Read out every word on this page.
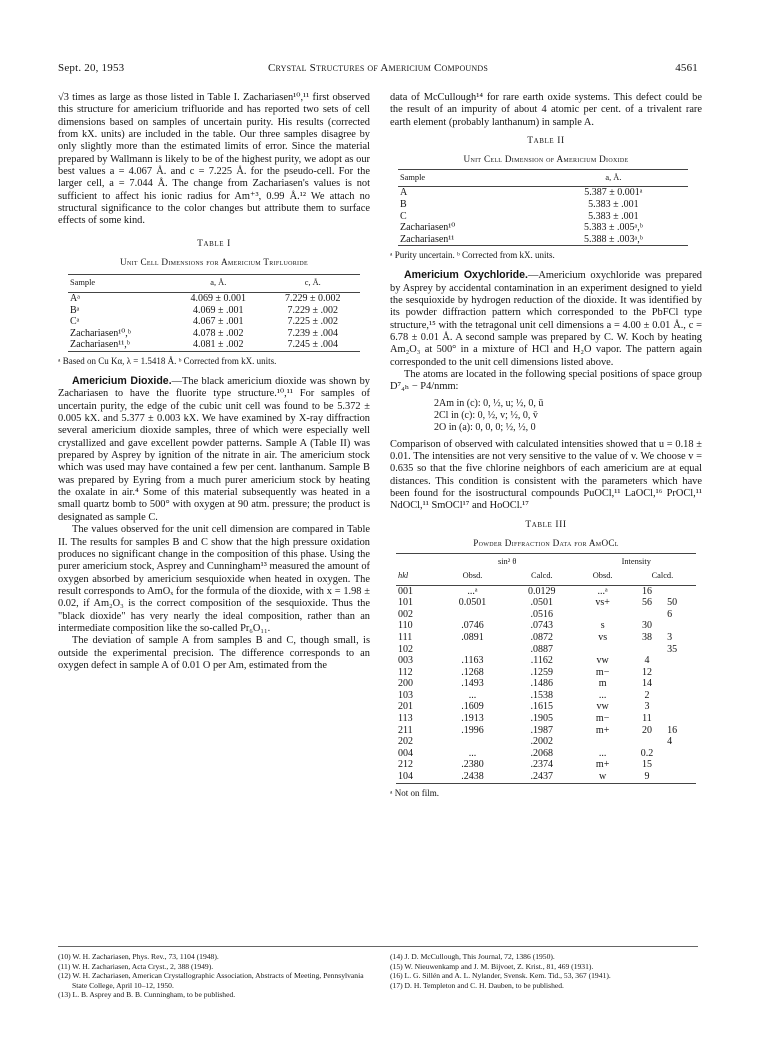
Sept. 20, 1953	Crystal Structures of Americium Compounds	4561

√3 times as large as those listed in Table I. Zachariasen¹⁰,¹¹ first observed this structure for americium trifluoride and has reported two sets of cell dimensions based on samples of uncertain purity. His results (corrected from kX. units) are included in the table. Our three samples disagree by only slightly more than the estimated limits of error. Since the material prepared by Wallmann is likely to be of the highest purity, we adopt as our best values a = 4.067 Å. and c = 7.225 Å. for the pseudo-cell. For the larger cell, a = 7.044 Å. The change from Zachariasen's values is not sufficient to affect his ionic radius for Am⁺³, 0.99 Å.¹² We attach no structural significance to the color changes but attribute them to surface effects of some kind.

Table I
Unit Cell Dimensions for Americium Trifluoride
Sample	a, Å.	c, Å.
Aᵃ	4.069 ± 0.001	7.229 ± 0.002
Bᵃ	4.069 ± .001	7.229 ± .002
Cᵃ	4.067 ± .001	7.225 ± .002
Zachariasen¹⁰,ᵇ	4.078 ± .002	7.239 ± .004
Zachariasen¹¹,ᵇ	4.081 ± .002	7.245 ± .004
ᵃ Based on Cu Kα, λ = 1.5418 Å. ᵇ Corrected from kX. units.

Americium Dioxide.—The black americium dioxide was shown by Zachariasen to have the fluorite type structure.¹⁰,¹¹ For samples of uncertain purity, the edge of the cubic unit cell was found to be 5.372 ± 0.005 kX. and 5.377 ± 0.003 kX. We have examined by X-ray diffraction several americium dioxide samples, three of which were especially well crystallized and gave excellent powder patterns. Sample A (Table II) was prepared by Asprey by ignition of the nitrate in air. The americium stock which was used may have contained a few per cent. lanthanum. Sample B was prepared by Eyring from a much purer americium stock by heating the oxalate in air.⁴ Some of this material subsequently was heated in a small quartz bomb to 500° with oxygen at 90 atm. pressure; the product is designated as sample C.

The values observed for the unit cell dimension are compared in Table II. The results for samples B and C show that the high pressure oxidation produces no significant change in the composition of this phase. Using the purer americium stock, Asprey and Cunningham¹³ measured the amount of oxygen absorbed by americium sesquioxide when heated in oxygen. The result corresponds to AmOₓ for the formula of the dioxide, with x = 1.98 ± 0.02, if Am₂O₃ is the correct composition of the sesquioxide. Thus the "black dioxide" has very nearly the ideal composition, rather than an intermediate composition like the so-called Pr₆O₁₁.

The deviation of sample A from samples B and C, though small, is outside the experimental precision. The difference corresponds to an oxygen defect in sample A of 0.01 O per Am, estimated from the

data of McCullough¹⁴ for rare earth oxide systems. This defect could be the result of an impurity of about 4 atomic per cent. of a trivalent rare earth element (probably lanthanum) in sample A.

Table II
Unit Cell Dimension of Americium Dioxide
Sample	a, Å.
A	5.387 ± 0.001ᵃ
B	5.383 ± .001
C	5.383 ± .001
Zachariasen¹⁰	5.383 ± .005ᵃ,ᵇ
Zachariasen¹¹	5.388 ± .003ᵃ,ᵇ
ᵃ Purity uncertain. ᵇ Corrected from kX. units.

Americium Oxychloride.—Americium oxychloride was prepared by Asprey by accidental contamination in an experiment designed to yield the sesquioxide by hydrogen reduction of the dioxide. It was identified by its powder diffraction pattern which corresponded to the PbFCl type structure,¹⁵ with the tetragonal unit cell dimensions a = 4.00 ± 0.01 Å., c = 6.78 ± 0.01 Å. A second sample was prepared by C. W. Koch by heating Am₂O₃ at 500° in a mixture of HCl and H₂O vapor. The pattern again corresponded to the unit cell dimensions listed above.

The atoms are located in the following special positions of space group D⁷₄ₕ − P4/nmm:

2Am in (c): 0, ½, u; ½, 0, ū
2Cl in (c): 0, ½, v; ½, 0, v̄
2O in (a): 0, 0, 0; ½, ½, 0

Comparison of observed with calculated intensities showed that u = 0.18 ± 0.01. The intensities are not very sensitive to the value of v. We choose v = 0.635 so that the five chlorine neighbors of each americium are at equal distances. This condition is consistent with the parameters which have been found for the isostructural compounds PuOCl,¹¹ LaOCl,¹⁶ PrOCl,¹¹ NdOCl,¹¹ SmOCl¹⁷ and HoOCl.¹⁷

Table III
Powder Diffraction Data for AmOCl
	sin² θ		Intensity		
hkl	Obsd.	Calcd.	Obsd.	Calcd.	
001	...ᵃ	0.0129	...ᵃ	16	
101	0.0501	.0501	vs+	56	50
002		.0516			6
110	.0746	.0743	s	30	
111	.0891	.0872	vs	38	3
102		.0887			35
003	.1163	.1162	vw	4	
112	.1268	.1259	m−	12	
200	.1493	.1486	m	14	
103	...	.1538	...	2	
201	.1609	.1615	vw	3	
113	.1913	.1905	m−	11	
211	.1996	.1987	m+	20	16
202		.2002			4
004	...	.2068	...	0.2	
212	.2380	.2374	m+	15	
104	.2438	.2437	w	9	
ᵃ Not on film.
(10) W. H. Zachariasen, Phys. Rev., 73, 1104 (1948).
(11) W. H. Zachariasen, Acta Cryst., 2, 388 (1949).
(12) W. H. Zachariasen, American Crystallographic Association, Abstracts of Meeting, Pennsylvania State College, April 10–12, 1950.
(13) L. B. Asprey and B. B. Cunningham, to be published.
(14) J. D. McCullough, This Journal, 72, 1386 (1950).
(15) W. Nieuwenkamp and J. M. Bijvoet, Z. Krist., 81, 469 (1931).
(16) L. G. Sillén and A. L. Nylander, Svensk. Kem. Tid., 53, 367 (1941).
(17) D. H. Templeton and C. H. Dauben, to be published.
